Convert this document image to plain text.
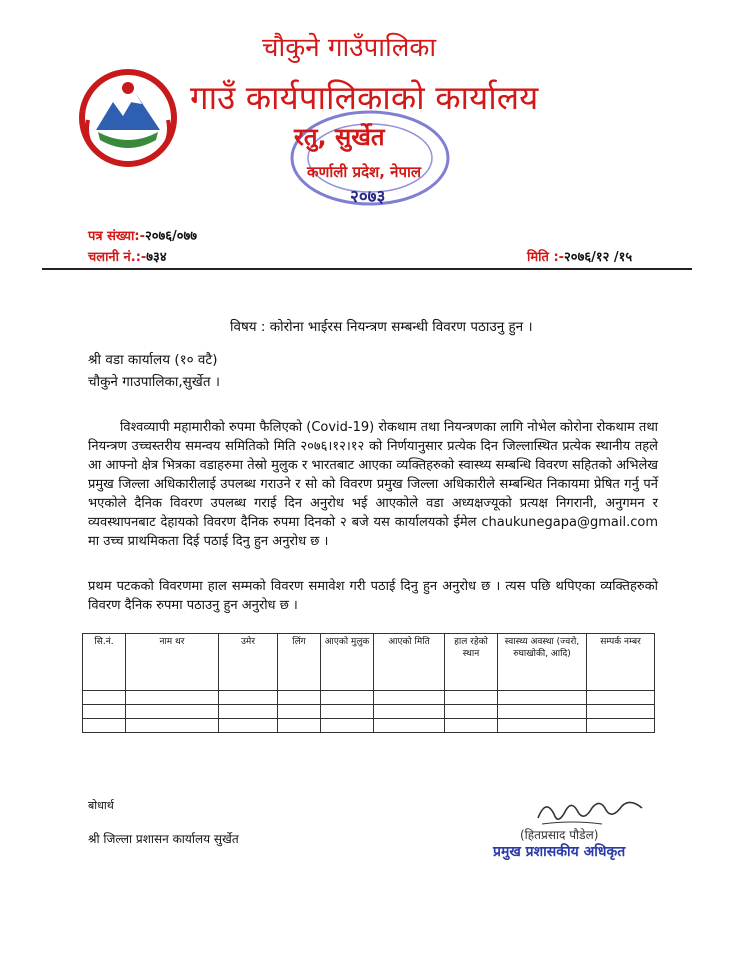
चौकुने गाउँपालिका
गाउँ कार्यपालिकाको कार्यालय
रतु, सुर्खेत
कर्णाली प्रदेश, नेपाल
२०७३
पत्र संख्या:-२०७६/०७७
चलानी नं.:-७३४	मिति :-२०७६/१२ /१५
विषय : कोरोना भाईरस नियन्त्रण सम्बन्धी विवरण पठाउनु हुन ।
श्री वडा कार्यालय (१० वटै)
चौकुने गाउपालिका,सुर्खेत ।
विश्वव्यापी महामारीको रुपमा फैलिएको (Covid-19) रोकथाम तथा नियन्त्रणका लागि नोभेल कोरोना रोकथाम तथा नियन्त्रण उच्चस्तरीय समन्वय समितिको मिति २०७६।१२।१२ को निर्णयानुसार प्रत्येक दिन जिल्लास्थित प्रत्येक स्थानीय तहले आ आफ्नो क्षेत्र भित्रका वडाहरुमा तेस्रो मुलुक र भारतबाट आएका व्यक्तिहरुको स्वास्थ्य सम्बन्धि विवरण सहितको अभिलेख प्रमुख जिल्ला अधिकारीलाई उपलब्ध गराउने र सो को विवरण प्रमुख जिल्ला अधिकारीले सम्बन्धित निकायमा प्रेषित गर्नु पर्ने भएकोले दैनिक विवरण उपलब्ध गराई दिन अनुरोध भई आएकोले वडा अध्यक्षज्यूको प्रत्यक्ष निगरानी, अनुगमन र व्यवस्थापनबाट देहायको विवरण दैनिक रुपमा दिनको २ बजे यस कार्यालयको ईमेल chaukunegapa@gmail.com मा उच्च प्राथमिकता दिई पठाई दिनु हुन अनुरोध छ ।
प्रथम पटकको विवरणमा हाल सम्मको विवरण समावेश गरी पठाई दिनु हुन अनुरोध छ । त्यस पछि थपिएका व्यक्तिहरुको विवरण दैनिक रुपमा पठाउनु हुन अनुरोध छ ।
सि.नं.	नाम थर	उमेर	लिंग	आएको मुलुक	आएको मिति	हाल रहेको स्थान	स्वास्थ्य अवस्था (ज्वरो, रुघाखोकी, आदि)	सम्पर्क नम्बर

बोधार्थ
श्री जिल्ला प्रशासन कार्यालय सुर्खेत	(हितप्रसाद पौडेल)
प्रमुख प्रशासकीय अधिकृत
